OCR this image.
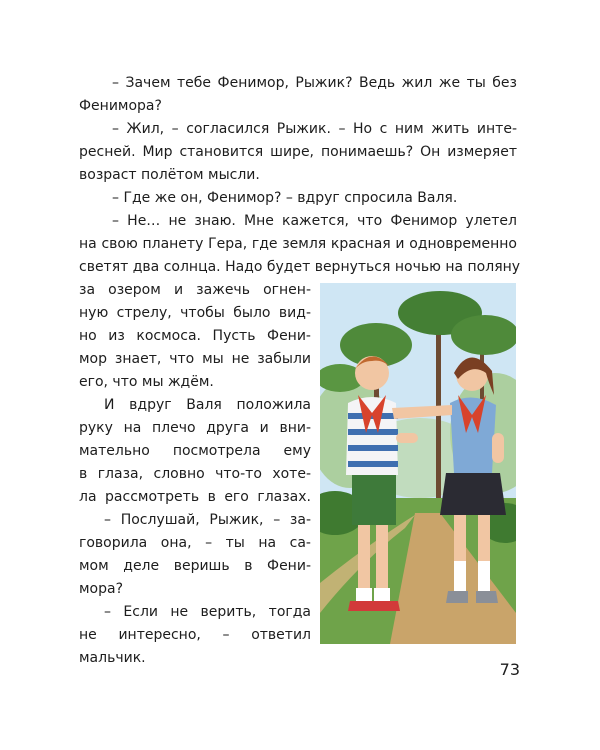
– Зачем тебе Фенимор, Рыжик? Ведь жил же ты без
Фенимора?
– Жил, – согласился Рыжик. – Но с ним жить инте-
ресней. Мир становится шире, понимаешь? Он измеряет
возраст полётом мысли.
– Где же он, Фенимор? – вдруг спросила Валя.
– Не… не знаю. Мне кажется, что Фенимор улетел
на свою планету Гера, где земля красная и одновременно
светят два солнца. Надо будет вернуться ночью на поляну
за озером и зажечь огнен-
ную стрелу, чтобы было вид-
но из космоса. Пусть Фени-
мор знает, что мы не забыли
его, что мы ждём.
И вдруг Валя положила
руку на плечо друга и вни-
мательно посмотрела ему
в глаза, словно что-то хоте-
ла рассмотреть в его глазах.
– Послушай, Рыжик, – за-
говорила она, – ты на са-
мом деле веришь в Фени-
мора?
– Если не верить, тогда
не интересно, – ответил
мальчик.
73
